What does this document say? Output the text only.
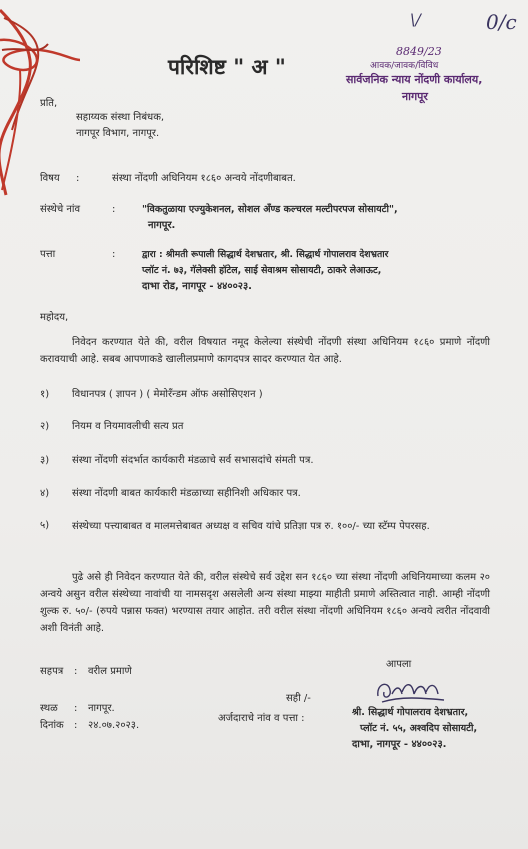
\/	0/c
परिशिष्ट " अ "
8849/23
आवक/जावक/विविध
सार्वजनिक न्याय नोंदणी कार्यालय,
नागपूर
प्रति,
सहाय्यक संस्था निबंधक,
नागपूर विभाग, नागपूर.
विषय :	संस्था नोंदणी अधिनियम १८६० अन्वये नोंदणीबाबत.
संस्थेचे नांव	:	"विकतुळाया एज्युकेशनल, सोशल अँण्ड कल्चरल मल्टीपरपज सोसायटी",
नागपूर.
पत्ता	:	द्वारा : श्रीमती रूपाली सिद्धार्थ देशभ्रतार, श्री. सिद्धार्थ गोपालराव देशभ्रतार
प्लॉट नं. ७३, गॅलेक्सी हॉटेल, साई सेवाश्रम सोसायटी, ठाकरे लेआऊट,
दाभा रोड, नागपूर - ४४००२३.
महोदय,
निवेदन करण्यात येते की, वरील विषयात नमूद केलेल्या संस्थेची नोंदणी संस्था अधिनियम १८६० प्रमाणे नोंदणी करावयाची आहे. सबब आपणाकडे खालीलप्रमाणे कागदपत्र सादर करण्यात येत आहे.
१) विधानपत्र ( ज्ञापन ) ( मेमोरँन्डम ऑफ असोसिएशन )
२) नियम व नियमावलीची सत्य प्रत
३) संस्था नोंदणी संदर्भात कार्यकारी मंडळाचे सर्व सभासदांचे संमती पत्र.
४) संस्था नोंदणी बाबत कार्यकारी मंडळाच्या सहीनिशी अधिकार पत्र.
५)	संस्थेच्या पत्त्याबाबत व मालमत्तेबाबत अध्यक्ष व सचिव यांचे प्रतिज्ञा पत्र रु. १००/- च्या स्टॅम्प पेपरसह.
पुढे असे ही निवेदन करण्यात येते की, वरील संस्थेचे सर्व उद्देश सन १८६० च्या संस्था नोंदणी अधिनियमाच्या कलम २० अन्वये असुन वरील संस्थेच्या नावांची या नामसदृश असलेली अन्य संस्था माझ्या माहीती प्रमाणे अस्तित्वात नाही. आम्ही नोंदणी शुल्क रु. ५०/- (रुपये पन्नास फक्त) भरण्यास तयार आहोत. तरी वरील संस्था नोंदणी अधिनियम १८६० अन्वये त्वरीत नोंदवावी अशी विनंती आहे.
सहपत्र : वरील प्रमाणे
आपला
स्थळ : नागपूर.
दिनांक : २४.०७.२०२३.
सही /-
अर्जदाराचे नांव व पत्ता :
श्री. सिद्धार्थ गोपालराव देशभ्रतार,
प्लॉट नं. ५५, अश्वदिप सोसायटी,
दाभा, नागपूर - ४४००२३.
